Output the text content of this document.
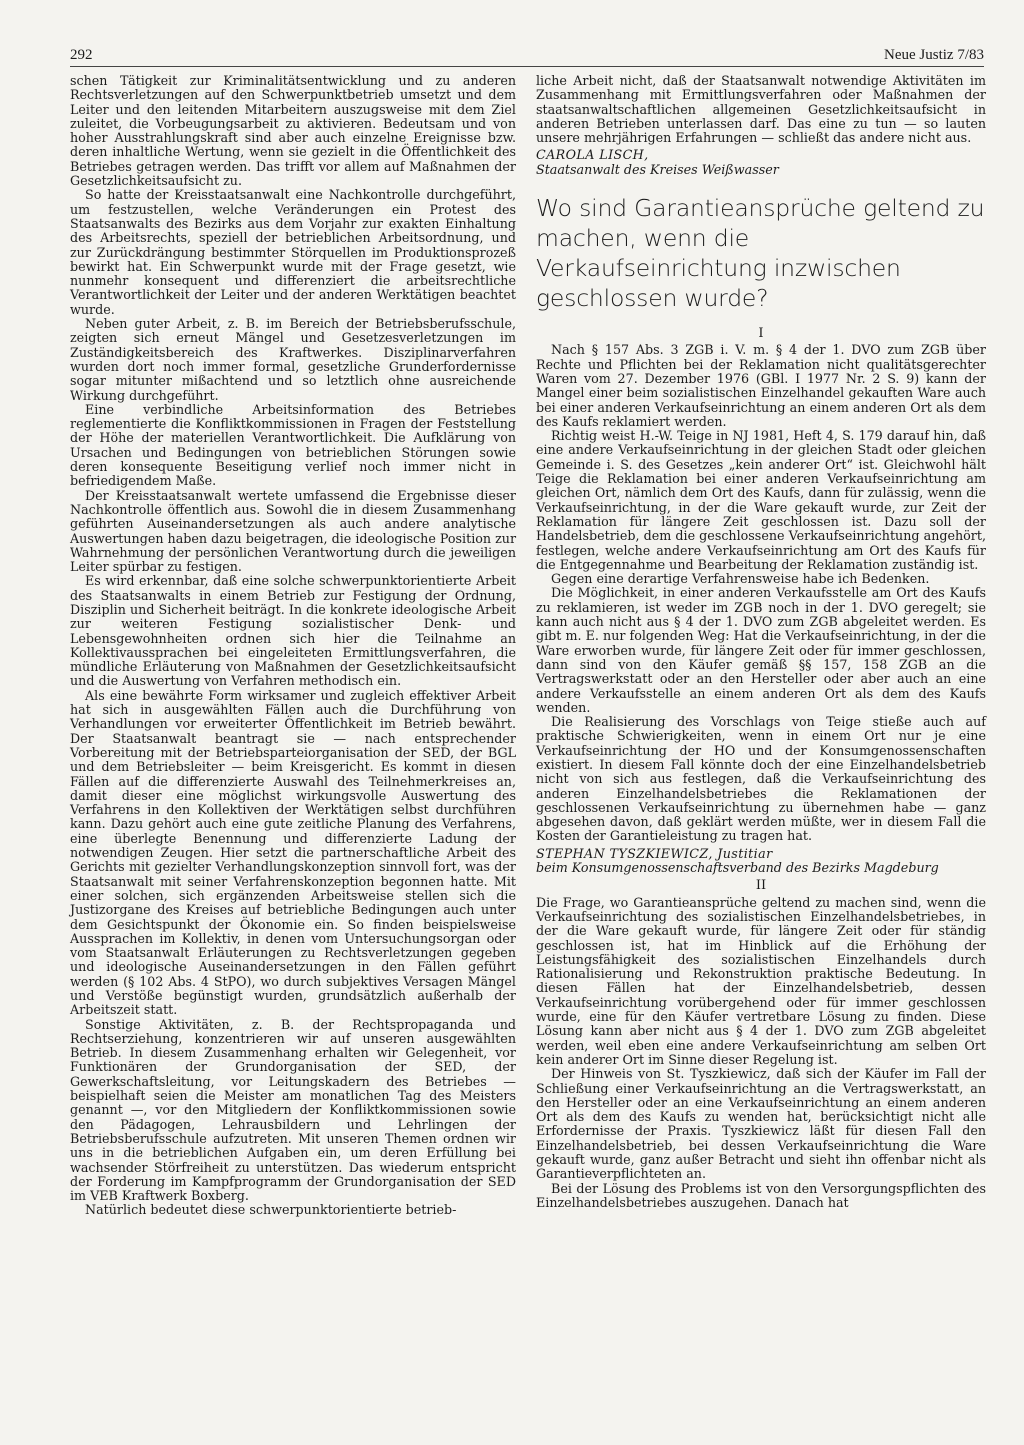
292	Neue Justiz 7/83

schen Tätigkeit zur Kriminalitätsentwicklung und zu anderen Rechtsverletzungen auf den Schwerpunktbetrieb umsetzt und dem Leiter und den leitenden Mitarbeitern auszugsweise mit dem Ziel zuleitet, die Vorbeugungsarbeit zu aktivieren. Bedeutsam und von hoher Ausstrahlungskraft sind aber auch einzelne Ereignisse bzw. deren inhaltliche Wertung, wenn sie gezielt in die Öffentlichkeit des Betriebes getragen werden. Das trifft vor allem auf Maßnahmen der Gesetzlichkeitsaufsicht zu.

So hatte der Kreisstaatsanwalt eine Nachkontrolle durchgeführt, um festzustellen, welche Veränderungen ein Protest des Staatsanwalts des Bezirks aus dem Vorjahr zur exakten Einhaltung des Arbeitsrechts, speziell der betrieblichen Arbeitsordnung, und zur Zurückdrängung bestimmter Störquellen im Produktionsprozeß bewirkt hat. Ein Schwerpunkt wurde mit der Frage gesetzt, wie nunmehr konsequent und differenziert die arbeitsrechtliche Verantwortlichkeit der Leiter und der anderen Werktätigen beachtet wurde.

Neben guter Arbeit, z. B. im Bereich der Betriebsberufsschule, zeigten sich erneut Mängel und Gesetzesverletzungen im Zuständigkeitsbereich des Kraftwerkes. Disziplinarverfahren wurden dort noch immer formal, gesetzliche Grunderfordernisse sogar mitunter mißachtend und so letztlich ohne ausreichende Wirkung durchgeführt.

Eine verbindliche Arbeitsinformation des Betriebes reglementierte die Konfliktkommissionen in Fragen der Feststellung der Höhe der materiellen Verantwortlichkeit. Die Aufklärung von Ursachen und Bedingungen von betrieblichen Störungen sowie deren konsequente Beseitigung verlief noch immer nicht in befriedigendem Maße.

Der Kreisstaatsanwalt wertete umfassend die Ergebnisse dieser Nachkontrolle öffentlich aus. Sowohl die in diesem Zusammenhang geführten Auseinandersetzungen als auch andere analytische Auswertungen haben dazu beigetragen, die ideologische Position zur Wahrnehmung der persönlichen Verantwortung durch die jeweiligen Leiter spürbar zu festigen.

Es wird erkennbar, daß eine solche schwerpunktorientierte Arbeit des Staatsanwalts in einem Betrieb zur Festigung der Ordnung, Disziplin und Sicherheit beiträgt. In die konkrete ideologische Arbeit zur weiteren Festigung sozialistischer Denk- und Lebensgewohnheiten ordnen sich hier die Teilnahme an Kollektivaussprachen bei eingeleiteten Ermittlungsverfahren, die mündliche Erläuterung von Maßnahmen der Gesetzlichkeitsaufsicht und die Auswertung von Verfahren methodisch ein.

Als eine bewährte Form wirksamer und zugleich effektiver Arbeit hat sich in ausgewählten Fällen auch die Durchführung von Verhandlungen vor erweiterter Öffentlichkeit im Betrieb bewährt. Der Staatsanwalt beantragt sie — nach entsprechender Vorbereitung mit der Betriebsparteiorganisation der SED, der BGL und dem Betriebsleiter — beim Kreisgericht. Es kommt in diesen Fällen auf die differenzierte Auswahl des Teilnehmerkreises an, damit dieser eine möglichst wirkungsvolle Auswertung des Verfahrens in den Kollektiven der Werktätigen selbst durchführen kann. Dazu gehört auch eine gute zeitliche Planung des Verfahrens, eine überlegte Benennung und differenzierte Ladung der notwendigen Zeugen. Hier setzt die partnerschaftliche Arbeit des Gerichts mit gezielter Verhandlungskonzeption sinnvoll fort, was der Staatsanwalt mit seiner Verfahrenskonzeption begonnen hatte. Mit einer solchen, sich ergänzenden Arbeitsweise stellen sich die Justizorgane des Kreises auf betriebliche Bedingungen auch unter dem Gesichtspunkt der Ökonomie ein. So finden beispielsweise Aussprachen im Kollektiv, in denen vom Untersuchungsorgan oder vom Staatsanwalt Erläuterungen zu Rechtsverletzungen gegeben und ideologische Auseinandersetzungen in den Fällen geführt werden (§ 102 Abs. 4 StPO), wo durch subjektives Versagen Mängel und Verstöße begünstigt wurden, grundsätzlich außerhalb der Arbeitszeit statt.

Sonstige Aktivitäten, z. B. der Rechtspropaganda und Rechtserziehung, konzentrieren wir auf unseren ausgewählten Betrieb. In diesem Zusammenhang erhalten wir Gelegenheit, vor Funktionären der Grundorganisation der SED, der Gewerkschaftsleitung, vor Leitungskadern des Betriebes — beispielhaft seien die Meister am monatlichen Tag des Meisters genannt —, vor den Mitgliedern der Konfliktkommissionen sowie den Pädagogen, Lehrausbildern und Lehrlingen der Betriebsberufsschule aufzutreten. Mit unseren Themen ordnen wir uns in die betrieblichen Aufgaben ein, um deren Erfüllung bei wachsender Störfreiheit zu unterstützen. Das wiederum entspricht der Forderung im Kampfprogramm der Grundorganisation der SED im VEB Kraftwerk Boxberg.

Natürlich bedeutet diese schwerpunktorientierte betrieb-

liche Arbeit nicht, daß der Staatsanwalt notwendige Aktivitäten im Zusammenhang mit Ermittlungsverfahren oder Maßnahmen der staatsanwaltschaftlichen allgemeinen Gesetzlichkeitsaufsicht in anderen Betrieben unterlassen darf. Das eine zu tun — so lauten unsere mehrjährigen Erfahrungen — schließt das andere nicht aus.

CAROLA LISCH,
Staatsanwalt des Kreises Weißwasser
Wo sind Garantieansprüche geltend zu machen, wenn die Verkaufseinrichtung inzwischen geschlossen wurde?
I

Nach § 157 Abs. 3 ZGB i. V. m. § 4 der 1. DVO zum ZGB über Rechte und Pflichten bei der Reklamation nicht qualitätsgerechter Waren vom 27. Dezember 1976 (GBl. I 1977 Nr. 2 S. 9) kann der Mangel einer beim sozialistischen Einzelhandel gekauften Ware auch bei einer anderen Verkaufseinrichtung an einem anderen Ort als dem des Kaufs reklamiert werden.

Richtig weist H.-W. Teige in NJ 1981, Heft 4, S. 179 darauf hin, daß eine andere Verkaufseinrichtung in der gleichen Stadt oder gleichen Gemeinde i. S. des Gesetzes „kein anderer Ort“ ist. Gleichwohl hält Teige die Reklamation bei einer anderen Verkaufseinrichtung am gleichen Ort, nämlich dem Ort des Kaufs, dann für zulässig, wenn die Verkaufseinrichtung, in der die Ware gekauft wurde, zur Zeit der Reklamation für längere Zeit geschlossen ist. Dazu soll der Handelsbetrieb, dem die geschlossene Verkaufseinrichtung angehört, festlegen, welche andere Verkaufseinrichtung am Ort des Kaufs für die Entgegennahme und Bearbeitung der Reklamation zuständig ist.

Gegen eine derartige Verfahrensweise habe ich Bedenken.

Die Möglichkeit, in einer anderen Verkaufsstelle am Ort des Kaufs zu reklamieren, ist weder im ZGB noch in der 1. DVO geregelt; sie kann auch nicht aus § 4 der 1. DVO zum ZGB abgeleitet werden. Es gibt m. E. nur folgenden Weg: Hat die Verkaufseinrichtung, in der die Ware erworben wurde, für längere Zeit oder für immer geschlossen, dann sind von den Käufer gemäß §§ 157, 158 ZGB an die Vertragswerkstatt oder an den Hersteller oder aber auch an eine andere Verkaufsstelle an einem anderen Ort als dem des Kaufs wenden.

Die Realisierung des Vorschlags von Teige stieße auch auf praktische Schwierigkeiten, wenn in einem Ort nur je eine Verkaufseinrichtung der HO und der Konsumgenossenschaften existiert. In diesem Fall könnte doch der eine Einzelhandelsbetrieb nicht von sich aus festlegen, daß die Verkaufseinrichtung des anderen Einzelhandelsbetriebes die Reklamationen der geschlossenen Verkaufseinrichtung zu übernehmen habe — ganz abgesehen davon, daß geklärt werden müßte, wer in diesem Fall die Kosten der Garantieleistung zu tragen hat.

STEPHAN TYSZKIEWICZ, Justitiar
beim Konsumgenossenschaftsverband des Bezirks Magdeburg
II

Die Frage, wo Garantieansprüche geltend zu machen sind, wenn die Verkaufseinrichtung des sozialistischen Einzelhandelsbetriebes, in der die Ware gekauft wurde, für längere Zeit oder für ständig geschlossen ist, hat im Hinblick auf die Erhöhung der Leistungsfähigkeit des sozialistischen Einzelhandels durch Rationalisierung und Rekonstruktion praktische Bedeutung. In diesen Fällen hat der Einzelhandelsbetrieb, dessen Verkaufseinrichtung vorübergehend oder für immer geschlossen wurde, eine für den Käufer vertretbare Lösung zu finden. Diese Lösung kann aber nicht aus § 4 der 1. DVO zum ZGB abgeleitet werden, weil eben eine andere Verkaufseinrichtung am selben Ort kein anderer Ort im Sinne dieser Regelung ist.

Der Hinweis von St. Tyszkiewicz, daß sich der Käufer im Fall der Schließung einer Verkaufseinrichtung an die Vertragswerkstatt, an den Hersteller oder an eine Verkaufseinrichtung an einem anderen Ort als dem des Kaufs zu wenden hat, berücksichtigt nicht alle Erfordernisse der Praxis. Tyszkiewicz läßt für diesen Fall den Einzelhandelsbetrieb, bei dessen Verkaufseinrichtung die Ware gekauft wurde, ganz außer Betracht und sieht ihn offenbar nicht als Garantieverpflichteten an.

Bei der Lösung des Problems ist von den Versorgungspflichten des Einzelhandelsbetriebes auszugehen. Danach hat
